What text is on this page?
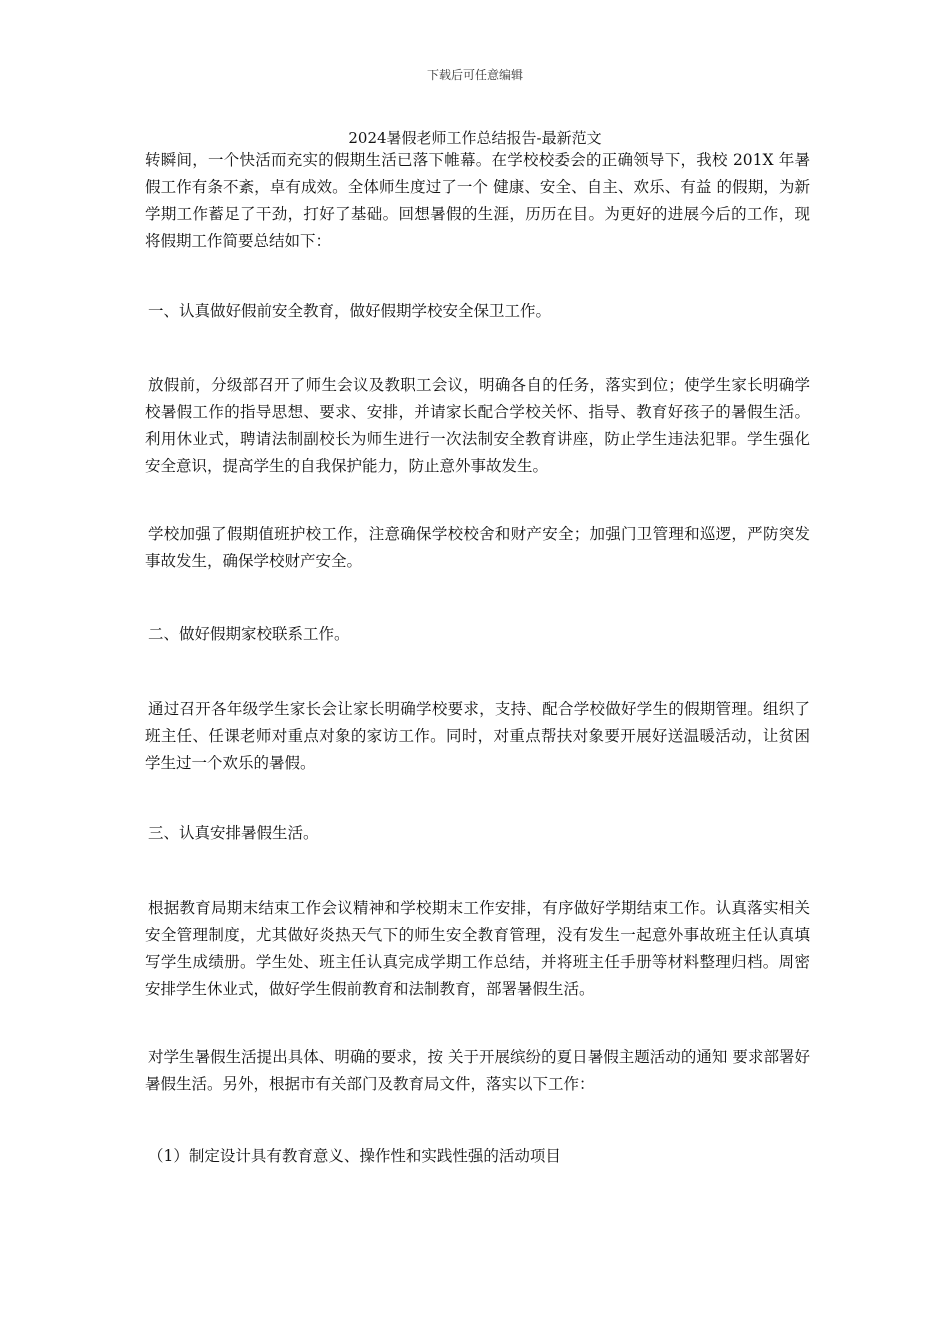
下载后可任意编辑
2024暑假老师工作总结报告-最新范文

转瞬间，一个快活而充实的假期生活已落下帷幕。在学校校委会的正确领导下，我校 201X 年暑假工作有条不紊，卓有成效。全体师生度过了一个 健康、安全、自主、欢乐、有益 的假期，为新学期工作蓄足了干劲，打好了基础。回想暑假的生涯，历历在目。为更好的进展今后的工作，现将假期工作简要总结如下：

一、认真做好假前安全教育，做好假期学校安全保卫工作。

放假前，分级部召开了师生会议及教职工会议，明确各自的任务，落实到位；使学生家长明确学校暑假工作的指导思想、要求、安排，并请家长配合学校关怀、指导、教育好孩子的暑假生活。利用休业式，聘请法制副校长为师生进行一次法制安全教育讲座，防止学生违法犯罪。学生强化安全意识，提高学生的自我保护能力，防止意外事故发生。

学校加强了假期值班护校工作，注意确保学校校舍和财产安全；加强门卫管理和巡逻，严防突发事故发生，确保学校财产安全。

二、做好假期家校联系工作。

通过召开各年级学生家长会让家长明确学校要求，支持、配合学校做好学生的假期管理。组织了班主任、任课老师对重点对象的家访工作。同时，对重点帮扶对象要开展好送温暖活动，让贫困学生过一个欢乐的暑假。

三、认真安排暑假生活。

根据教育局期末结束工作会议精神和学校期末工作安排，有序做好学期结束工作。认真落实相关安全管理制度，尤其做好炎热天气下的师生安全教育管理，没有发生一起意外事故班主任认真填写学生成绩册。学生处、班主任认真完成学期工作总结，并将班主任手册等材料整理归档。周密安排学生休业式，做好学生假前教育和法制教育，部署暑假生活。

对学生暑假生活提出具体、明确的要求，按 关于开展缤纷的夏日暑假主题活动的通知 要求部署好暑假生活。另外，根据市有关部门及教育局文件，落实以下工作：

（1）制定设计具有教育意义、操作性和实践性强的活动项目
